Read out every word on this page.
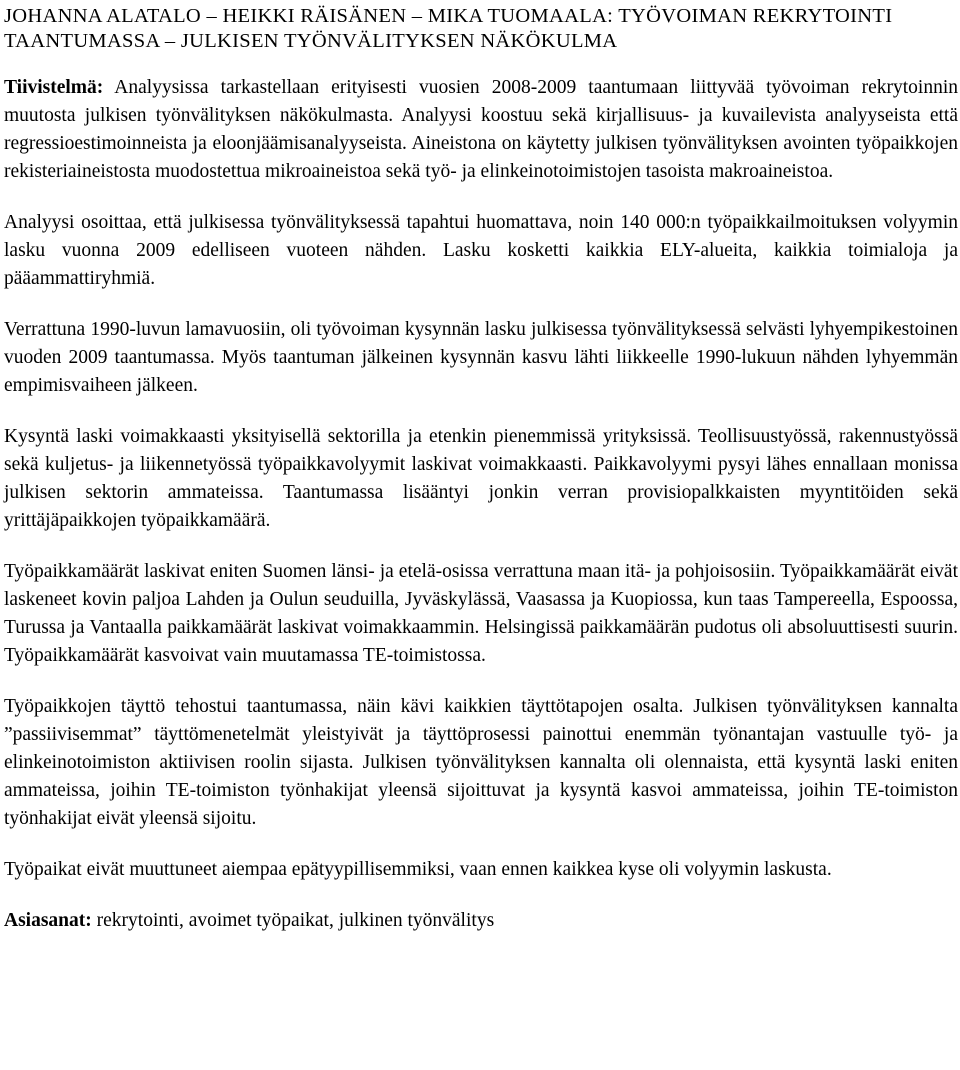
JOHANNA ALATALO – HEIKKI RÄISÄNEN – MIKA TUOMAALA: TYÖVOIMAN REKRYTOINTI TAANTUMASSA – JULKISEN TYÖNVÄLITYKSEN NÄKÖKULMA

Tiivistelmä: Analyysissa tarkastellaan erityisesti vuosien 2008-2009 taantumaan liittyvää työvoiman rekrytoinnin muutosta julkisen työnvälityksen näkökulmasta. Analyysi koostuu sekä kirjallisuus- ja kuvailevista analyyseista että regressioestimoinneista ja eloonjäämisanalyyseista. Aineistona on käytetty julkisen työnvälityksen avointen työpaikkojen rekisteriaineistosta muodostettua mikroaineistoa sekä työ- ja elinkeinotoimistojen tasoista makroaineistoa.

Analyysi osoittaa, että julkisessa työnvälityksessä tapahtui huomattava, noin 140 000:n työpaikkailmoituksen volyymin lasku vuonna 2009 edelliseen vuoteen nähden. Lasku kosketti kaikkia ELY-alueita, kaikkia toimialoja ja pääammattiryhmiä.

Verrattuna 1990-luvun lamavuosiin, oli työvoiman kysynnän lasku julkisessa työnvälityksessä selvästi lyhyempikestoinen vuoden 2009 taantumassa. Myös taantuman jälkeinen kysynnän kasvu lähti liikkeelle 1990-lukuun nähden lyhyemmän empimisvaiheen jälkeen.

Kysyntä laski voimakkaasti yksityisellä sektorilla ja etenkin pienemmissä yrityksissä. Teollisuustyössä, rakennustyössä sekä kuljetus- ja liikennetyössä työpaikkavolyymit laskivat voimakkaasti. Paikkavolyymi pysyi lähes ennallaan monissa julkisen sektorin ammateissa. Taantumassa lisääntyi jonkin verran provisiopalkkaisten myyntitöiden sekä yrittäjäpaikkojen työpaikkamäärä.

Työpaikkamäärät laskivat eniten Suomen länsi- ja etelä-osissa verrattuna maan itä- ja pohjoisosiin. Työpaikkamäärät eivät laskeneet kovin paljoa Lahden ja Oulun seuduilla, Jyväskylässä, Vaasassa ja Kuopiossa, kun taas Tampereella, Espoossa, Turussa ja Vantaalla paikkamäärät laskivat voimakkaammin. Helsingissä paikkamäärän pudotus oli absoluuttisesti suurin. Työpaikkamäärät kasvoivat vain muutamassa TE-toimistossa.

Työpaikkojen täyttö tehostui taantumassa, näin kävi kaikkien täyttötapojen osalta. Julkisen työnvälityksen kannalta ”passiivisemmat” täyttömenetelmät yleistyivät ja täyttöprosessi painottui enemmän työnantajan vastuulle työ- ja elinkeinotoimiston aktiivisen roolin sijasta. Julkisen työnvälityksen kannalta oli olennaista, että kysyntä laski eniten ammateissa, joihin TE-toimiston työnhakijat yleensä sijoittuvat ja kysyntä kasvoi ammateissa, joihin TE-toimiston työnhakijat eivät yleensä sijoitu.

Työpaikat eivät muuttuneet aiempaa epätyypillisemmiksi, vaan ennen kaikkea kyse oli volyymin laskusta.

Asiasanat: rekrytointi, avoimet työpaikat, julkinen työnvälitys
